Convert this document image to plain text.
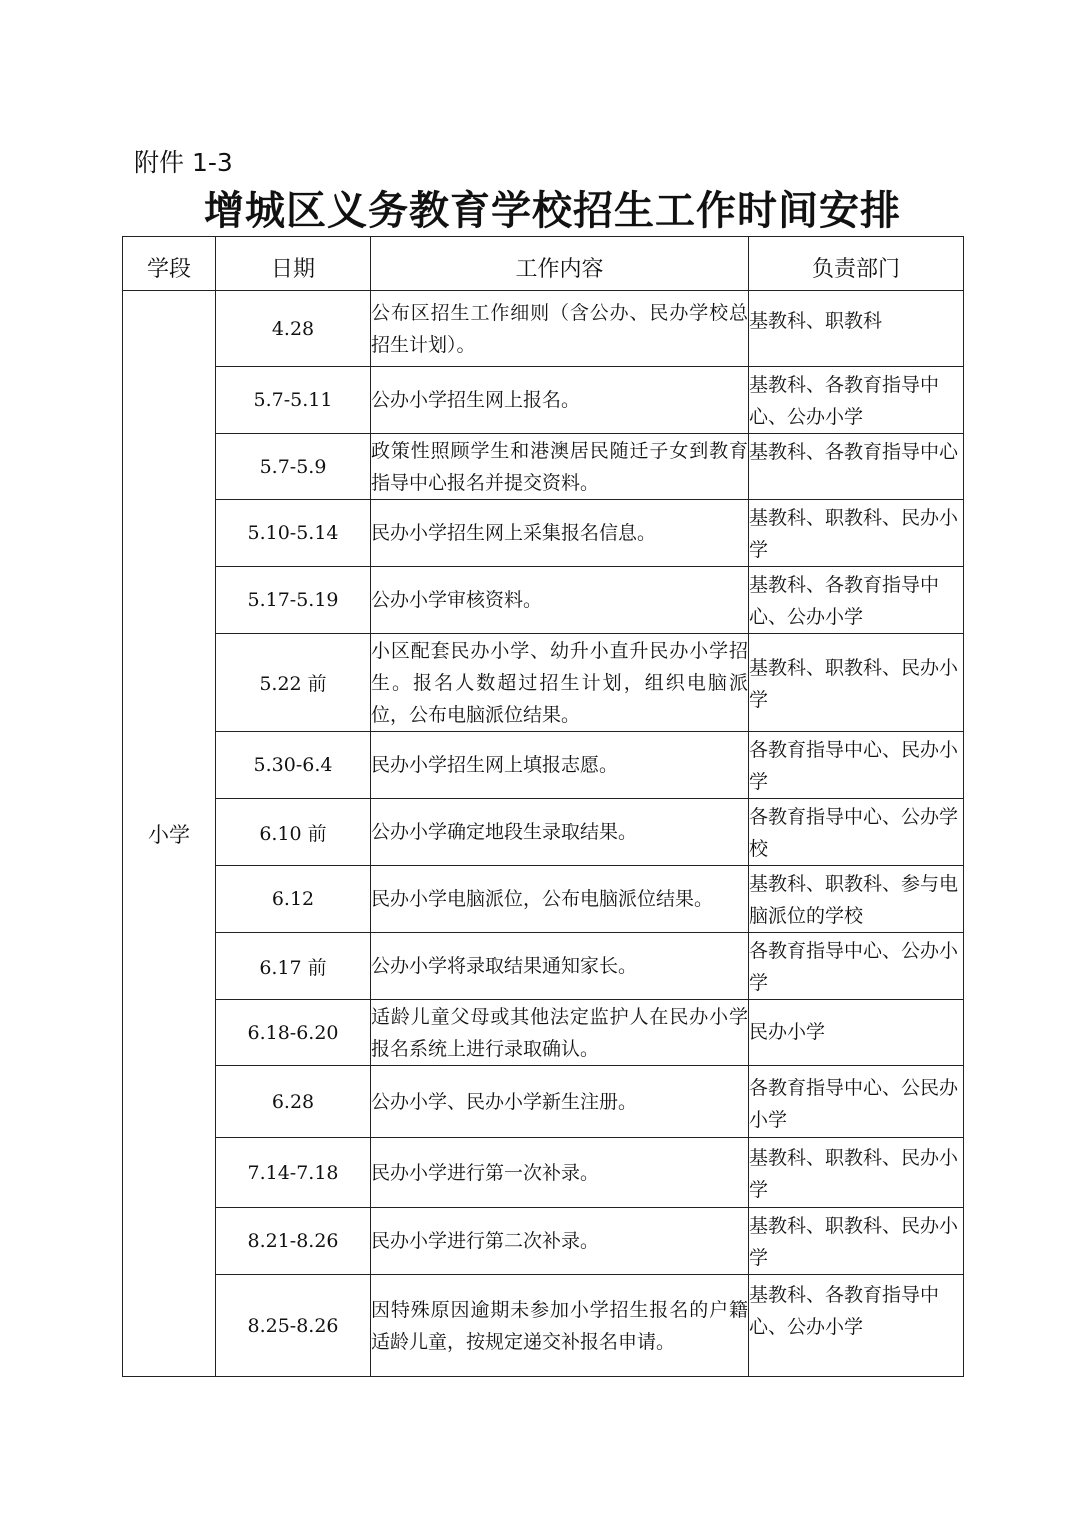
附件 1-3
增城区义务教育学校招生工作时间安排
学段	日期	工作内容	负责部门
小学	4.28	公布区招生工作细则（含公办、民办学校总招生计划）。	基教科、职教科

	5.7-5.11	公办小学招生网上报名。	基教科、各教育指导中心、公办小学

	5.7-5.9	政策性照顾学生和港澳居民随迁子女到教育指导中心报名并提交资料。	基教科、各教育指导中心

	5.10-5.14	民办小学招生网上采集报名信息。	基教科、职教科、民办小学

	5.17-5.19	公办小学审核资料。	基教科、各教育指导中心、公办小学

	5.22 前	小区配套民办小学、幼升小直升民办小学招生。报名人数超过招生计划，组织电脑派位，公布电脑派位结果。	基教科、职教科、民办小学

	5.30-6.4	民办小学招生网上填报志愿。	各教育指导中心、民办小学

	6.10 前	公办小学确定地段生录取结果。	各教育指导中心、公办学校

	6.12	民办小学电脑派位，公布电脑派位结果。	基教科、职教科、参与电脑派位的学校

	6.17 前	公办小学将录取结果通知家长。	各教育指导中心、公办小学

	6.18-6.20	适龄儿童父母或其他法定监护人在民办小学报名系统上进行录取确认。	民办小学

	6.28	公办小学、民办小学新生注册。	各教育指导中心、公民办小学

	7.14-7.18	民办小学进行第一次补录。	基教科、职教科、民办小学

	8.21-8.26	民办小学进行第二次补录。	基教科、职教科、民办小学

	8.25-8.26	因特殊原因逾期未参加小学招生报名的户籍适龄儿童，按规定递交补报名申请。	基教科、各教育指导中心、公办小学
